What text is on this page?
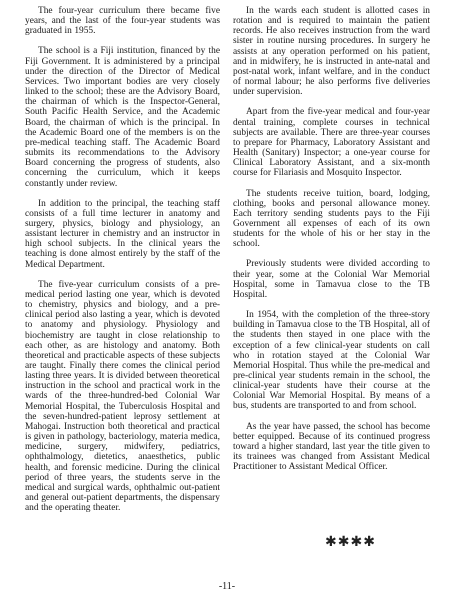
The four-year curriculum there became five years, and the last of the four-year students was graduated in 1955.

The school is a Fiji institution, financed by the Fiji Government. It is administered by a principal under the direction of the Director of Medical Services. Two important bodies are very closely linked to the school; these are the Advisory Board, the chairman of which is the Inspector-General, South Pacific Health Service, and the Academic Board, the chairman of which is the principal. In the Academic Board one of the members is on the pre-medical teaching staff. The Academic Board submits its recommendations to the Advisory Board concerning the progress of students, also concerning the curriculum, which it keeps constantly under review.

In addition to the principal, the teaching staff consists of a full time lecturer in anatomy and surgery, physics, biology and physiology, an assistant lecturer in chemistry and an instructor in high school subjects. In the clinical years the teaching is done almost entirely by the staff of the Medical Department.

The five-year curriculum consists of a pre-medical period lasting one year, which is devoted to chemistry, physics and biology, and a pre-clinical period also lasting a year, which is devoted to anatomy and physiology. Physiology and biochemistry are taught in close relationship to each other, as are histology and anatomy. Both theoretical and practicable aspects of these subjects are taught. Finally there comes the clinical period lasting three years. It is divided between theoretical instruction in the school and practical work in the wards of the three-hundred-bed Colonial War Memorial Hospital, the Tuberculosis Hospital and the seven-hundred-patient leprosy settlement at Mahogai. Instruction both theoretical and practical is given in pathology, bacteriology, materia medica, medicine, surgery, midwifery, pediatrics, ophthalmology, dietetics, anaesthetics, public health, and forensic medicine. During the clinical period of three years, the students serve in the medical and surgical wards, ophthalmic out-patient and general out-patient departments, the dispensary and the operating theater.

In the wards each student is allotted cases in rotation and is required to maintain the patient records. He also receives instruction from the ward sister in routine nursing procedures. In surgery he assists at any operation performed on his patient, and in midwifery, he is instructed in ante-natal and post-natal work, infant welfare, and in the conduct of normal labour; he also performs five deliveries under supervision.

Apart from the five-year medical and four-year dental training, complete courses in technical subjects are available. There are three-year courses to prepare for Pharmacy, Laboratory Assistant and Health (Sanitary) Inspector; a one-year course for Clinical Laboratory Assistant, and a six-month course for Filariasis and Mosquito Inspector.

The students receive tuition, board, lodging, clothing, books and personal allowance money. Each territory sending students pays to the Fiji Government all expenses of each of its own students for the whole of his or her stay in the school.

Previously students were divided according to their year, some at the Colonial War Memorial Hospital, some in Tamavua close to the TB Hospital.

In 1954, with the completion of the three-story building in Tamavua close to the TB Hospital, all of the students then stayed in one place with the exception of a few clinical-year students on call who in rotation stayed at the Colonial War Memorial Hospital. Thus while the pre-medical and pre-clinical year students remain in the school, the clinical-year students have their course at the Colonial War Memorial Hospital. By means of a bus, students are transported to and from school.

As the year have passed, the school has become better equipped. Because of its continued progress toward a higher standard, last year the title given to its trainees was changed from Assistant Medical Practitioner to Assistant Medical Officer.

✱✱✱✱
-11-
